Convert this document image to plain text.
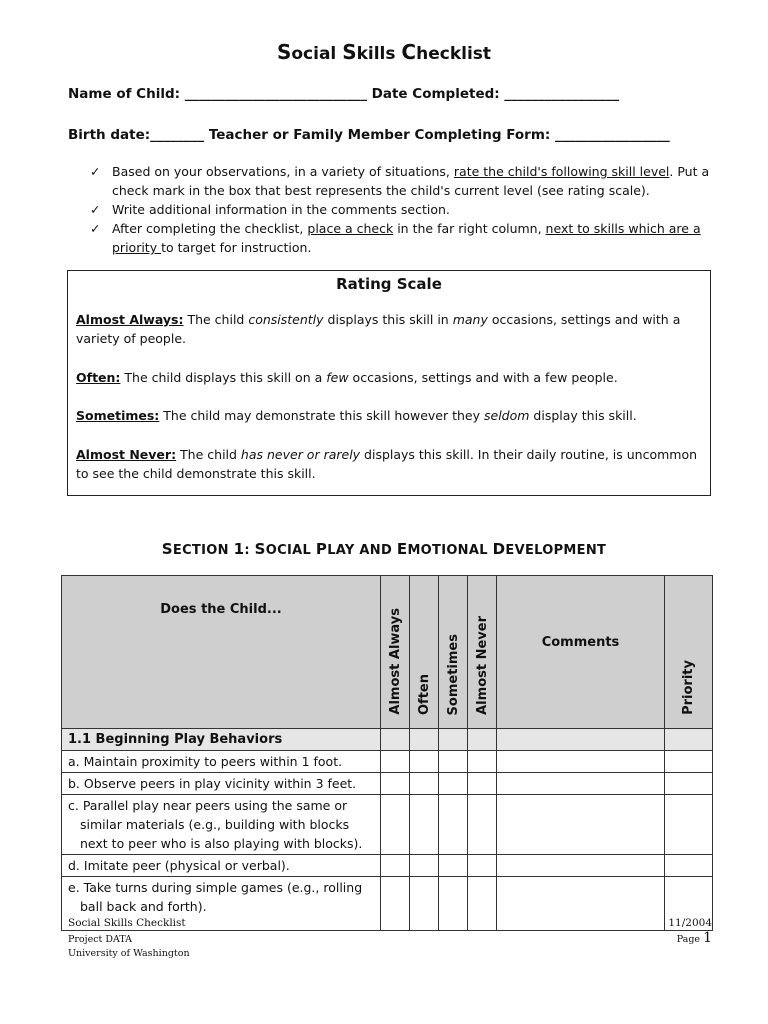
Social Skills Checklist
Name of Child: ___________________________ Date Completed: _________________
Birth date:________ Teacher or Family Member Completing Form: _________________
✓ Based on your observations, in a variety of situations, rate the child's following skill level. Put a check mark in the box that best represents the child's current level (see rating scale).
✓ Write additional information in the comments section.
✓ After completing the checklist, place a check in the far right column, next to skills which are a priority to target for instruction.
Rating Scale
Almost Always: The child consistently displays this skill in many occasions, settings and with a variety of people.
Often: The child displays this skill on a few occasions, settings and with a few people.
Sometimes: The child may demonstrate this skill however they seldom display this skill.
Almost Never: The child has never or rarely displays this skill. In their daily routine, is uncommon to see the child demonstrate this skill.
SECTION 1: SOCIAL PLAY AND EMOTIONAL DEVELOPMENT
Does the Child...	Almost Always	Often	Sometimes	Almost Never	Comments	Priority

1.1 Beginning Play Behaviors						

a. Maintain proximity to peers within 1 foot.						

b. Observe peers in play vicinity within 3 feet.						

c. Parallel play near peers using the same or similar materials (e.g., building with blocks next to peer who is also playing with blocks).						

d. Imitate peer (physical or verbal).						

e. Take turns during simple games (e.g., rolling ball back and forth).						

Social Skills Checklist
Project DATA
University of Washington
11/2004
Page 1
